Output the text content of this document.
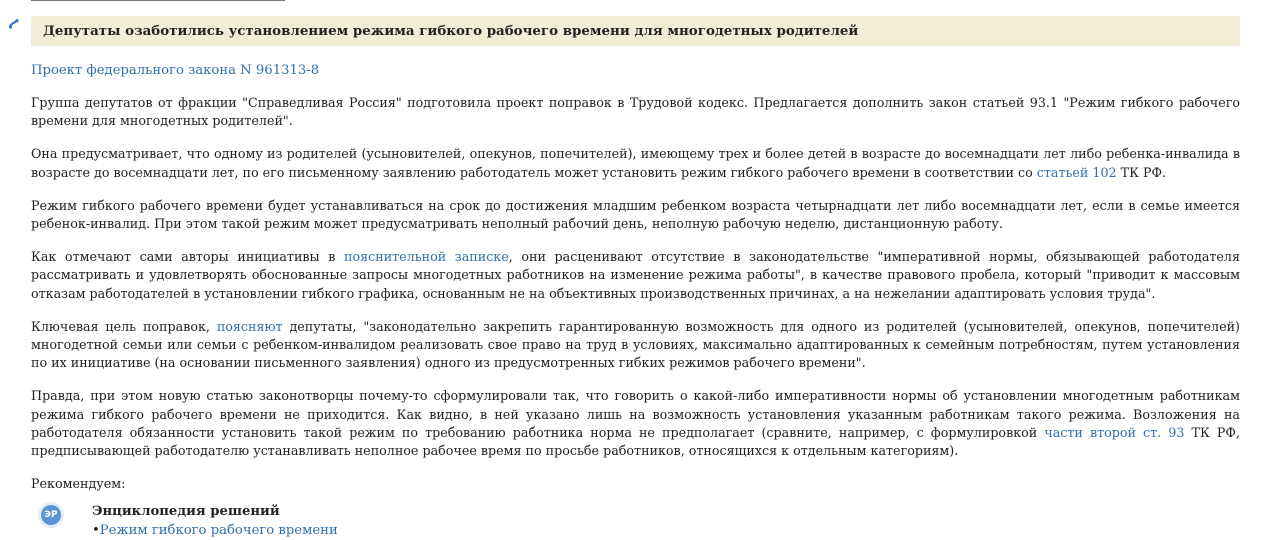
Депутаты озаботились установлением режима гибкого рабочего времени для многодетных родителей
Проект федерального закона N 961313-8

Группа депутатов от фракции "Справедливая Россия" подготовила проект поправок в Трудовой кодекс. Предлагается дополнить закон статьей 93.1 "Режим гибкого рабочего времени для многодетных родителей".

Она предусматривает, что одному из родителей (усыновителей, опекунов, попечителей), имеющему трех и более детей в возрасте до восемнадцати лет либо ребенка-инвалида в возрасте до восемнадцати лет, по его письменному заявлению работодатель может установить режим гибкого рабочего времени в соответствии со статьей 102 ТК РФ.

Режим гибкого рабочего времени будет устанавливаться на срок до достижения младшим ребенком возраста четырнадцати лет либо восемнадцати лет, если в семье имеется ребенок-инвалид. При этом такой режим может предусматривать неполный рабочий день, неполную рабочую неделю, дистанционную работу.

Как отмечают сами авторы инициативы в пояснительной записке, они расценивают отсутствие в законодательстве "императивной нормы, обязывающей работодателя рассматривать и удовлетворять обоснованные запросы многодетных работников на изменение режима работы", в качестве правового пробела, который "приводит к массовым отказам работодателей в установлении гибкого графика, основанным не на объективных производственных причинах, а на нежелании адаптировать условия труда".

Ключевая цель поправок, поясняют депутаты, "законодательно закрепить гарантированную возможность для одного из родителей (усыновителей, опекунов, попечителей) многодетной семьи или семьи с ребенком-инвалидом реализовать свое право на труд в условиях, максимально адаптированных к семейным потребностям, путем установления по их инициативе (на основании письменного заявления) одного из предусмотренных гибких режимов рабочего времени".

Правда, при этом новую статью законотворцы почему-то сформулировали так, что говорить о какой-либо императивности нормы об установлении многодетным работникам режима гибкого рабочего времени не приходится. Как видно, в ней указано лишь на возможность установления указанным работникам такого режима. Возложения на работодателя обязанности установить такой режим по требованию работника норма не предполагает (сравните, например, с формулировкой части второй ст. 93 ТК РФ, предписывающей работодателю устанавливать неполное рабочее время по просьбе работников, относящихся к отдельным категориям).

Рекомендуем:
ЭР	Энциклопедия решений
•Режим гибкого рабочего времени
